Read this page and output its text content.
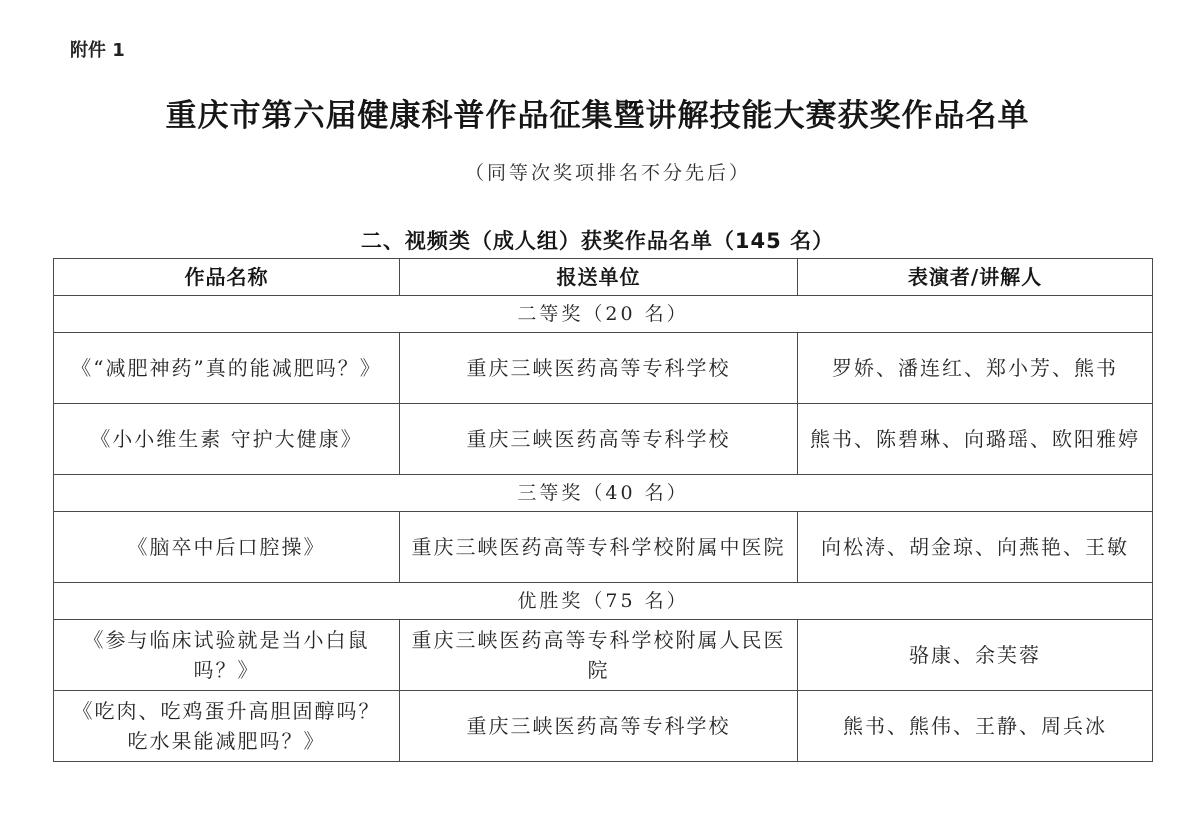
附件 1
重庆市第六届健康科普作品征集暨讲解技能大赛获奖作品名单
（同等次奖项排名不分先后）
二、视频类（成人组）获奖作品名单（145 名）
作品名称	报送单位	表演者/讲解人
二等奖（20 名）		
《“减肥神药”真的能减肥吗？》	重庆三峡医药高等专科学校	罗娇、潘连红、郑小芳、熊书
《小小维生素 守护大健康》	重庆三峡医药高等专科学校	熊书、陈碧琳、向璐瑶、欧阳雅婷
三等奖（40 名）		
《脑卒中后口腔操》	重庆三峡医药高等专科学校附属中医院	向松涛、胡金琼、向燕艳、王敏
优胜奖（75 名）		
《参与临床试验就是当小白鼠吗？》	重庆三峡医药高等专科学校附属人民医院	骆康、余芙蓉
《吃肉、吃鸡蛋升高胆固醇吗？吃水果能减肥吗？》	重庆三峡医药高等专科学校	熊书、熊伟、王静、周兵冰
